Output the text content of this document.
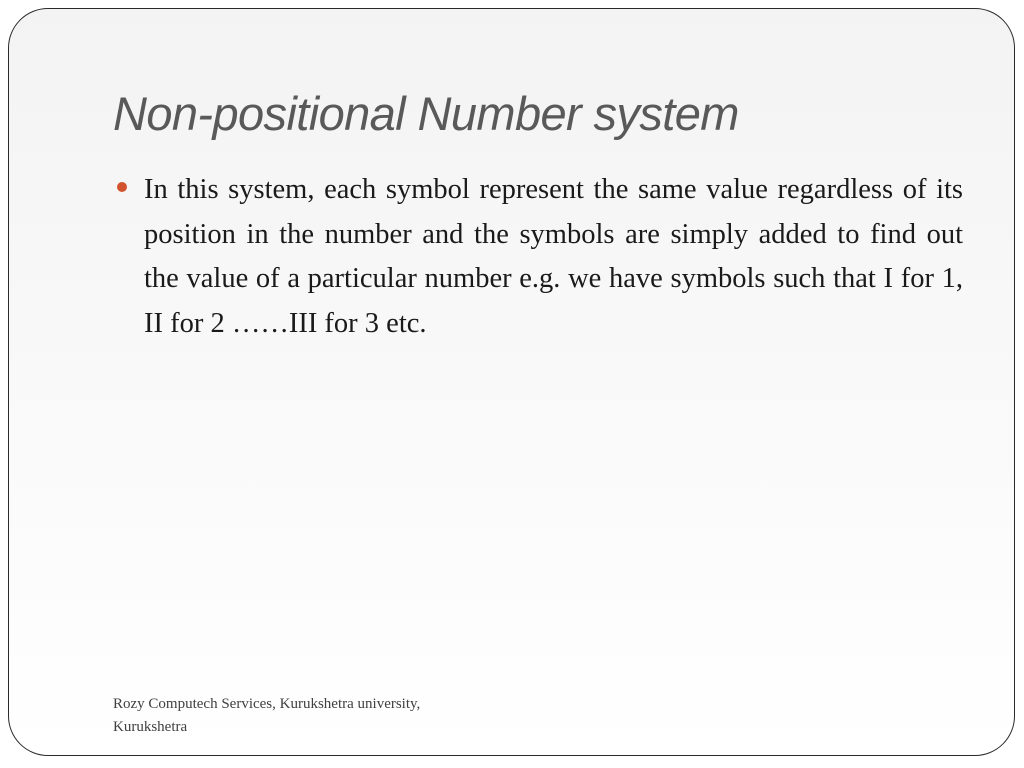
Non-positional Number system

In this system, each symbol represent the same value regardless of its position in the number and the symbols are simply added to find out the value of a particular number e.g. we have symbols such that I for 1, II for 2 ……III for 3 etc.

Rozy Computech Services, Kurukshetra university,
Kurukshetra
